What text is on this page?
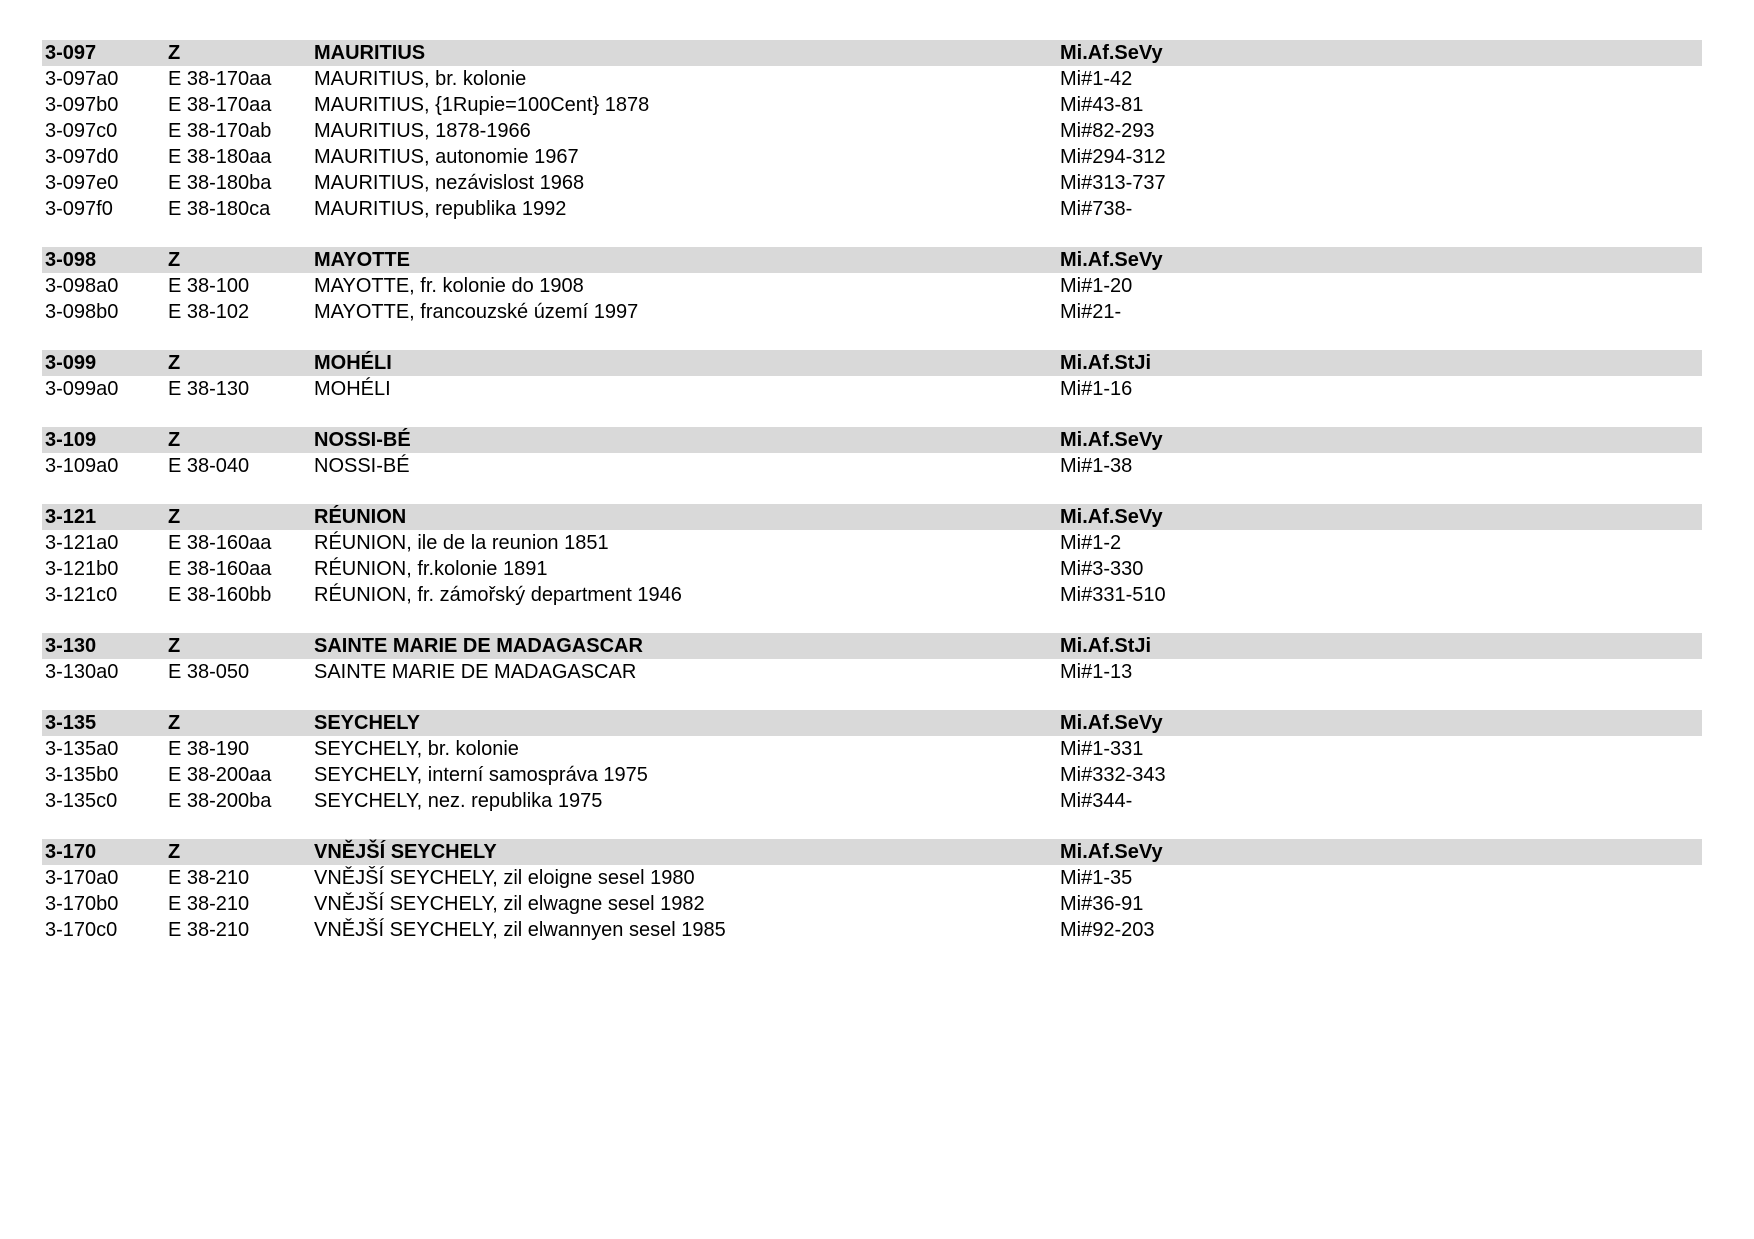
3-097	Z	MAURITIUS	Mi.Af.SeVy
3-097a0	E 38-170aa	MAURITIUS, br. kolonie	Mi#1-42
3-097b0	E 38-170aa	MAURITIUS, {1Rupie=100Cent} 1878	Mi#43-81
3-097c0	E 38-170ab	MAURITIUS, 1878-1966	Mi#82-293
3-097d0	E 38-180aa	MAURITIUS, autonomie 1967	Mi#294-312
3-097e0	E 38-180ba	MAURITIUS, nezávislost 1968	Mi#313-737
3-097f0	E 38-180ca	MAURITIUS, republika 1992	Mi#738-
3-098	Z	MAYOTTE	Mi.Af.SeVy
3-098a0	E 38-100	MAYOTTE, fr. kolonie do 1908	Mi#1-20
3-098b0	E 38-102	MAYOTTE, francouzské území 1997	Mi#21-
3-099	Z	MOHÉLI	Mi.Af.StJi
3-099a0	E 38-130	MOHÉLI	Mi#1-16
3-109	Z	NOSSI-BÉ	Mi.Af.SeVy
3-109a0	E 38-040	NOSSI-BÉ	Mi#1-38
3-121	Z	RÉUNION	Mi.Af.SeVy
3-121a0	E 38-160aa	RÉUNION, ile de la reunion 1851	Mi#1-2
3-121b0	E 38-160aa	RÉUNION, fr.kolonie 1891	Mi#3-330
3-121c0	E 38-160bb	RÉUNION, fr. zámořský department 1946	Mi#331-510
3-130	Z	SAINTE MARIE DE MADAGASCAR	Mi.Af.StJi
3-130a0	E 38-050	SAINTE MARIE DE MADAGASCAR	Mi#1-13
3-135	Z	SEYCHELY	Mi.Af.SeVy
3-135a0	E 38-190	SEYCHELY, br. kolonie	Mi#1-331
3-135b0	E 38-200aa	SEYCHELY, interní samospráva 1975	Mi#332-343
3-135c0	E 38-200ba	SEYCHELY, nez. republika 1975	Mi#344-
3-170	Z	VNĚJŠÍ SEYCHELY	Mi.Af.SeVy
3-170a0	E 38-210	VNĚJŠÍ SEYCHELY, zil eloigne sesel 1980	Mi#1-35
3-170b0	E 38-210	VNĚJŠÍ SEYCHELY, zil elwagne sesel 1982	Mi#36-91
3-170c0	E 38-210	VNĚJŠÍ SEYCHELY, zil elwannyen sesel 1985	Mi#92-203
